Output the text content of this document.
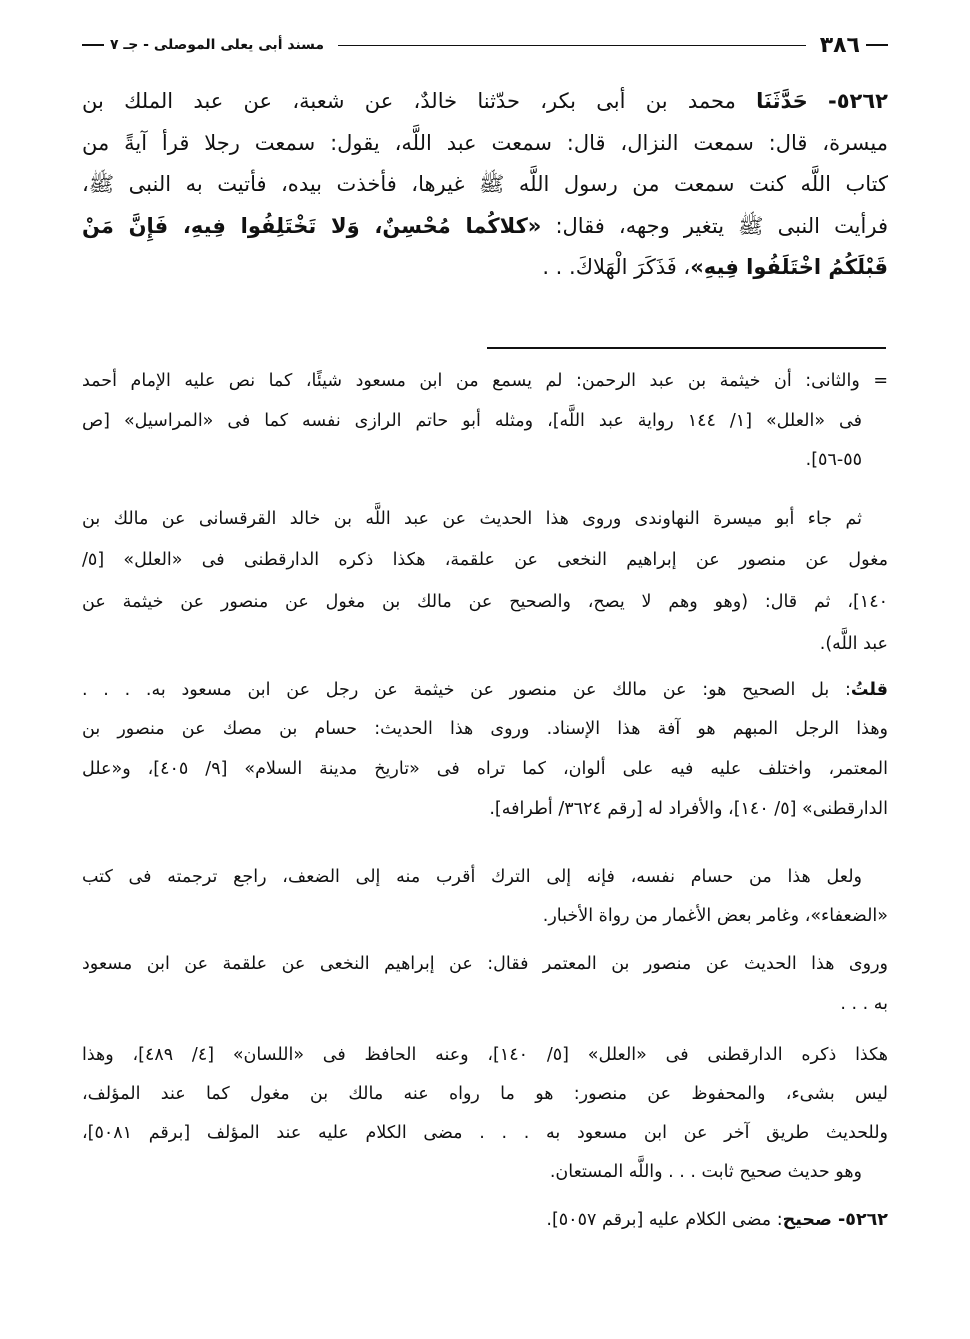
٣٨٦
مسند أبى يعلى الموصلى - جـ ٧
٥٢٦٢- حَدَّثَنَا محمد بن أبى بكر، حدّثنا خالدٌ، عن شعبة، عن عبد الملك بن
ميسرة، قال: سمعت النزال، قال: سمعت عبد اللَّه، يقول: سمعت رجلا قرأ آيةً من
كتاب اللَّه كنت سمعت من رسول اللَّه ﷺ غيرها، فأخذت بيده، فأتيت به النبى ﷺ،
فرأيت النبى ﷺ يتغير وجهه، فقال: «كلاكُما مُحْسِنٌ، وَلا تَخْتَلِفُوا فِيهِ، فَإِنَّ مَنْ
قَبْلَكُمُ اخْتَلَفُوا فِيهِ»، فَذَكَرَ الْهَلاكَ. . .
= والثانى: أن خيثمة بن عبد الرحمن: لم يسمع من ابن مسعود شيئًا، كما نص عليه الإمام أحمد
فى «العلل» [١/ ١٤٤ رواية عبد اللَّه]، ومثله أبو حاتم الرازى نفسه كما فى «المراسيل» [ص
٥٥-٥٦].
ثم جاء أبو ميسرة النهاوندى وروى هذا الحديث عن عبد اللَّه بن خالد القرقسانى عن مالك بن
مغول عن منصور عن إبراهيم النخعى عن علقمة، هكذا ذكره الدارقطنى فى «العلل» [٥/
١٤٠]، ثم قال: (وهو وهم لا يصح، والصحيح عن مالك بن مغول عن منصور عن خيثمة عن
عبد اللَّه).
قلتُ: بل الصحيح هو: عن مالك عن منصور عن خيثمة عن رجل عن ابن مسعود به. . . .
وهذا الرجل المبهم هو آفة هذا الإسناد. وروى هذا الحديث: حسام بن مصك عن منصور بن
المعتمر، واختلف عليه فيه على ألوان، كما تراه فى «تاريخ مدينة السلام» [٩/ ٤٠٥]، و«علل
الدارقطنى» [٥/ ١٤٠]، والأفراد له [رقم ٣٦٢٤/ أطرافه].
ولعل هذا من حسام نفسه، فإنه إلى الترك أقرب منه إلى الضعف، راجع ترجمته فى كتب
«الضعفاء»، وغامر بعض الأغمار من رواة الأخبار.
وروى هذا الحديث عن منصور بن المعتمر فقال: عن إبراهيم النخعى عن علقمة عن ابن مسعود
به . . .
هكذا ذكره الدارقطنى فى «العلل» [٥/ ١٤٠]، وعنه الحافظ فى «اللسان» [٤/ ٤٨٩]، وهذا
ليس بشىء، والمحفوظ عن منصور: هو ما رواه عنه مالك بن مغول كما عند المؤلف،
وللحديث طريق آخر عن ابن مسعود به . . . مضى الكلام عليه عند المؤلف [برقم ٥٠٨١]،
وهو حديث صحيح ثابت . . . واللَّه المستعان.
٥٢٦٢- صحيح: مضى الكلام عليه [برقم ٥٠٥٧].
